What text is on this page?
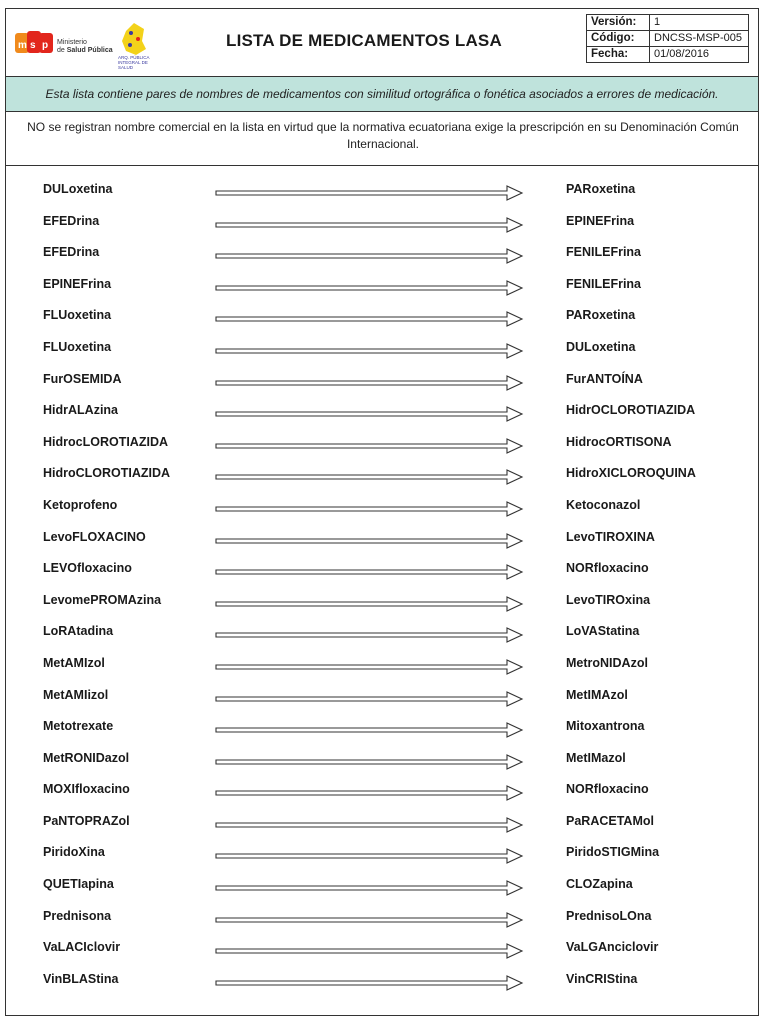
m s p Ministerio
de Salud Pública
ARQ. PÚBLICA INTEGRAL DE SALUD
LISTA DE MEDICAMENTOS LASA
Versión:	1
Código:	DNCSS-MSP-005
Fecha:	01/08/2016
Esta lista contiene pares de nombres de medicamentos con similitud ortográfica o fonética asociados a errores de medicación.
NO se registran nombre comercial en la lista en virtud que la normativa ecuatoriana exige la prescripción en su Denominación Común Internacional.
DULoxetina	PARoxetina
EFEDrina	EPINEFrina
EFEDrina	FENILEFrina
EPINEFrina	FENILEFrina
FLUoxetina	PARoxetina
FLUoxetina	DULoxetina
FurOSEMIDA	FurANTOÍNA
HidrALAzina	HidrOCLOROTIAZIDA
HidrocLOROTIAZIDA	HidrocORTISONA
HidroCLOROTIAZIDA	HidroXICLOROQUINA
Ketoprofeno	Ketoconazol
LevoFLOXACINO	LevoTIROXINA
LEVOfloxacino	NORfloxacino
LevomePROMAzina	LevoTIROxina
LoRAtadina	LoVAStatina
MetAMIzol	MetroNIDAzol
MetAMIizol	MetIMAzol
Metotrexate	Mitoxantrona
MetRONIDazol	MetIMazol
MOXIfloxacino	NORfloxacino
PaNTOPRAZol	PaRACETAMol
PiridoXina	PiridoSTIGMina
QUETIapina	CLOZapina
Prednisona	PrednisoLOna
VaLACIclovir	VaLGAnciclovir
VinBLAStina	VinCRIStina
